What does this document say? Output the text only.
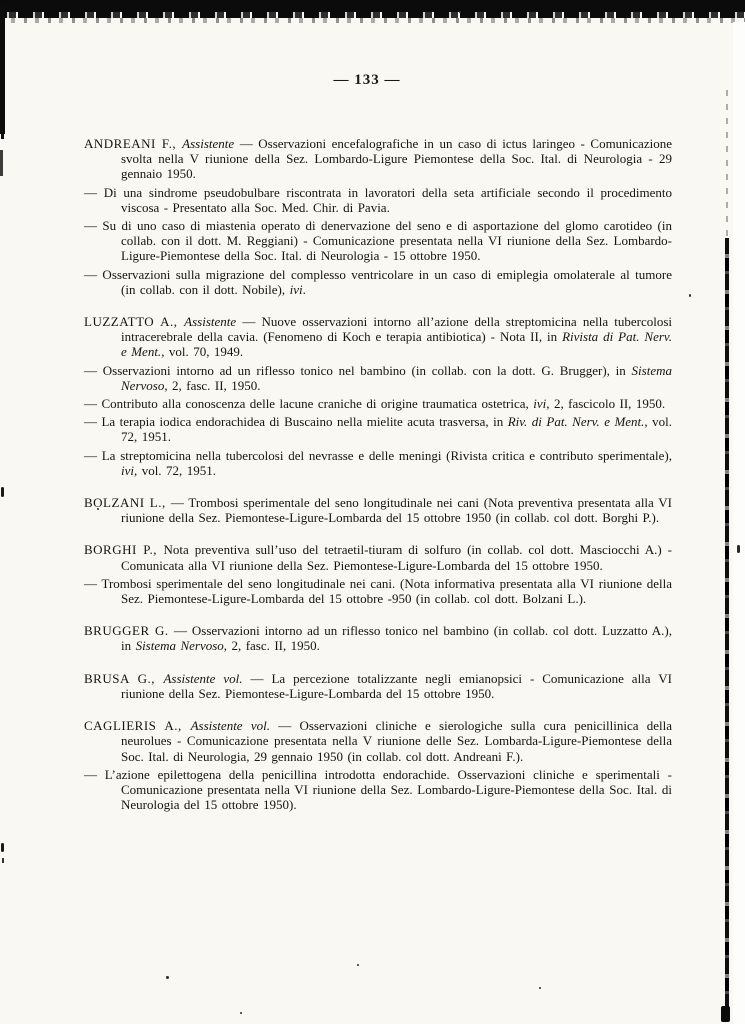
— 133 —

ANDREANI F., Assistente — Osservazioni encefalografiche in un caso di ictus laringeo - Comunicazione svolta nella V riunione della Sez. Lombardo-Ligure Piemontese della Soc. Ital. di Neurologia - 29 gennaio 1950.

— Di una sindrome pseudobulbare riscontrata in lavoratori della seta artificiale secondo il procedimento viscosa - Presentato alla Soc. Med. Chir. di Pavia.

— Su di uno caso di miastenia operato di denervazione del seno e di asportazione del glomo carotideo (in collab. con il dott. M. Reggiani) - Comunicazione presentata nella VI riunione della Sez. Lombardo-Ligure-Piemontese della Soc. Ital. di Neurologia - 15 ottobre 1950.

— Osservazioni sulla migrazione del complesso ventricolare in un caso di emiplegia omolaterale al tumore (in collab. con il dott. Nobile), ivi.

LUZZATTO A., Assistente — Nuove osservazioni intorno all’azione della streptomicina nella tubercolosi intracerebrale della cavia. (Fenomeno di Koch e terapia antibiotica) - Nota II, in Rivista di Pat. Nerv. e Ment., vol. 70, 1949.

— Osservazioni intorno ad un riflesso tonico nel bambino (in collab. con la dott. G. Brugger), in Sistema Nervoso, 2, fasc. II, 1950.

— Contributo alla conoscenza delle lacune craniche di origine traumatica ostetrica, ivi, 2, fascicolo II, 1950.

— La terapia iodica endorachidea di Buscaino nella mielite acuta trasversa, in Riv. di Pat. Nerv. e Ment., vol. 72, 1951.

— La streptomicina nella tubercolosi del nevrasse e delle meningi (Rivista critica e contributo sperimentale), ivi, vol. 72, 1951.

BOLZANI L., — Trombosi sperimentale del seno longitudinale nei cani (Nota preventiva presentata alla VI riunione della Sez. Piemontese-Ligure-Lombarda del 15 ottobre 1950 (in collab. col dott. Borghi P.).

BORGHI P., Nota preventiva sull’uso del tetraetil-tiuram di solfuro (in collab. col dott. Masciocchi A.) - Comunicata alla VI riunione della Sez. Piemontese-Ligure-Lombarda del 15 ottobre 1950.

— Trombosi sperimentale del seno longitudinale nei cani. (Nota informativa presentata alla VI riunione della Sez. Piemontese-Ligure-Lombarda del 15 ottobre -950 (in collab. col dott. Bolzani L.).

BRUGGER G. — Osservazioni intorno ad un riflesso tonico nel bambino (in collab. col dott. Luzzatto A.), in Sistema Nervoso, 2, fasc. II, 1950.

BRUSA G., Assistente vol. — La percezione totalizzante negli emianopsici - Comunicazione alla VI riunione della Sez. Piemontese-Ligure-Lombarda del 15 ottobre 1950.

CAGLIERIS A., Assistente vol. — Osservazioni cliniche e sierologiche sulla cura penicillinica della neurolues - Comunicazione presentata nella V riunione delle Sez. Lombarda-Ligure-Piemontese della Soc. Ital. di Neurologia, 29 gennaio 1950 (in collab. col dott. Andreani F.).

— L’azione epilettogena della penicillina introdotta endorachide. Osservazioni cliniche e sperimentali - Comunicazione presentata nella VI riunione della Sez. Lombardo-Ligure-Piemontese della Soc. Ital. di Neurologia del 15 ottobre 1950).
